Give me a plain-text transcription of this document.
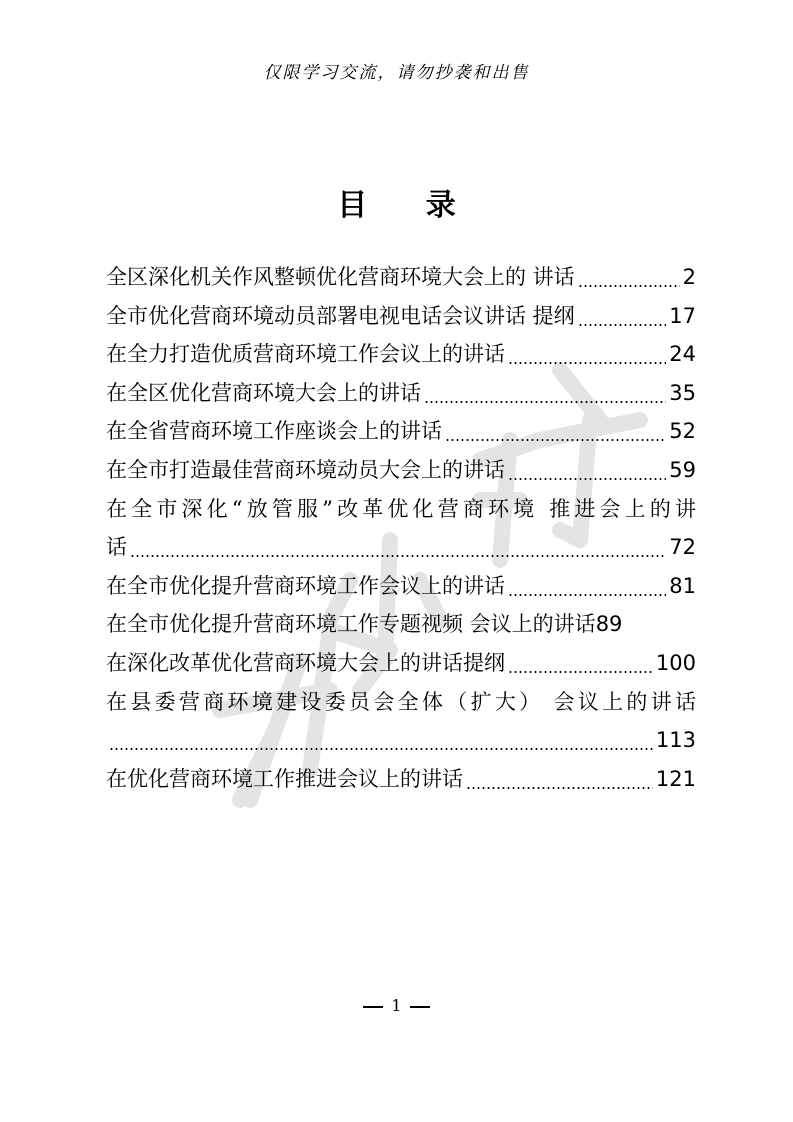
仅限学习交流，请勿抄袭和出售
目 录
全区深化机关作风整顿优化营商环境大会上的 讲话	2
全市优化营商环境动员部署电视电话会议讲话 提纲	17
在全力打造优质营商环境工作会议上的讲话	24
在全区优化营商环境大会上的讲话	35
在全省营商环境工作座谈会上的讲话	52
在全市打造最佳营商环境动员大会上的讲话	59
在全市深化“放管服”改革优化营商环境 推进会上的讲
话	72
在全市优化提升营商环境工作会议上的讲话	81
在全市优化提升营商环境工作专题视频 会议上的讲话 89
在深化改革优化营商环境大会上的讲话提纲	100
在县委营商环境建设委员会全体（扩大） 会议上的讲话
113
在优化营商环境工作推进会议上的讲话	121
1
